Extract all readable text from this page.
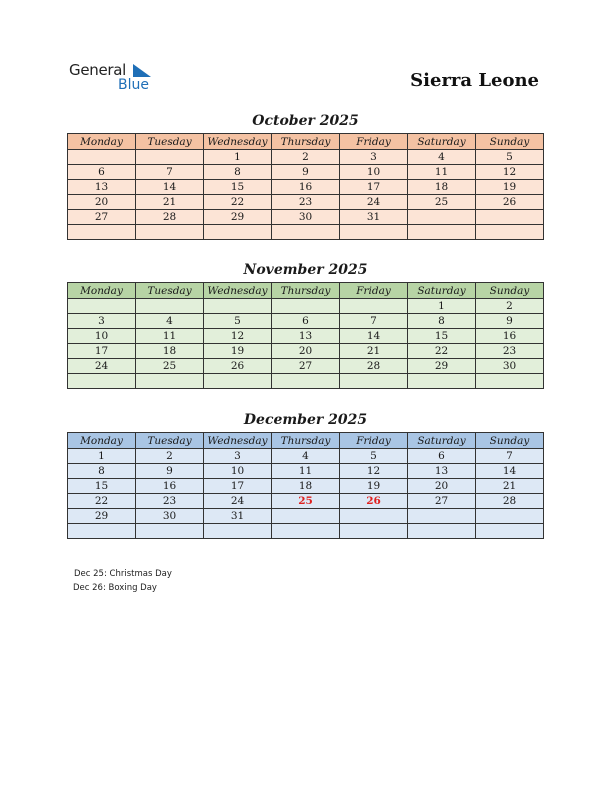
General
Blue	Sierra Leone
October 2025
Monday	Tuesday	Wednesday	Thursday	Friday	Saturday	Sunday
		1	2	3	4	5
6	7	8	9	10	11	12
13	14	15	16	17	18	19
20	21	22	23	24	25	26
27	28	29	30	31		

November 2025
Monday	Tuesday	Wednesday	Thursday	Friday	Saturday	Sunday
					1	2
3	4	5	6	7	8	9
10	11	12	13	14	15	16
17	18	19	20	21	22	23
24	25	26	27	28	29	30

December 2025
Monday	Tuesday	Wednesday	Thursday	Friday	Saturday	Sunday
1	2	3	4	5	6	7
8	9	10	11	12	13	14
15	16	17	18	19	20	21
22	23	24	25	26	27	28
29	30	31				

Dec 25: Christmas Day
Dec 26: Boxing Day
